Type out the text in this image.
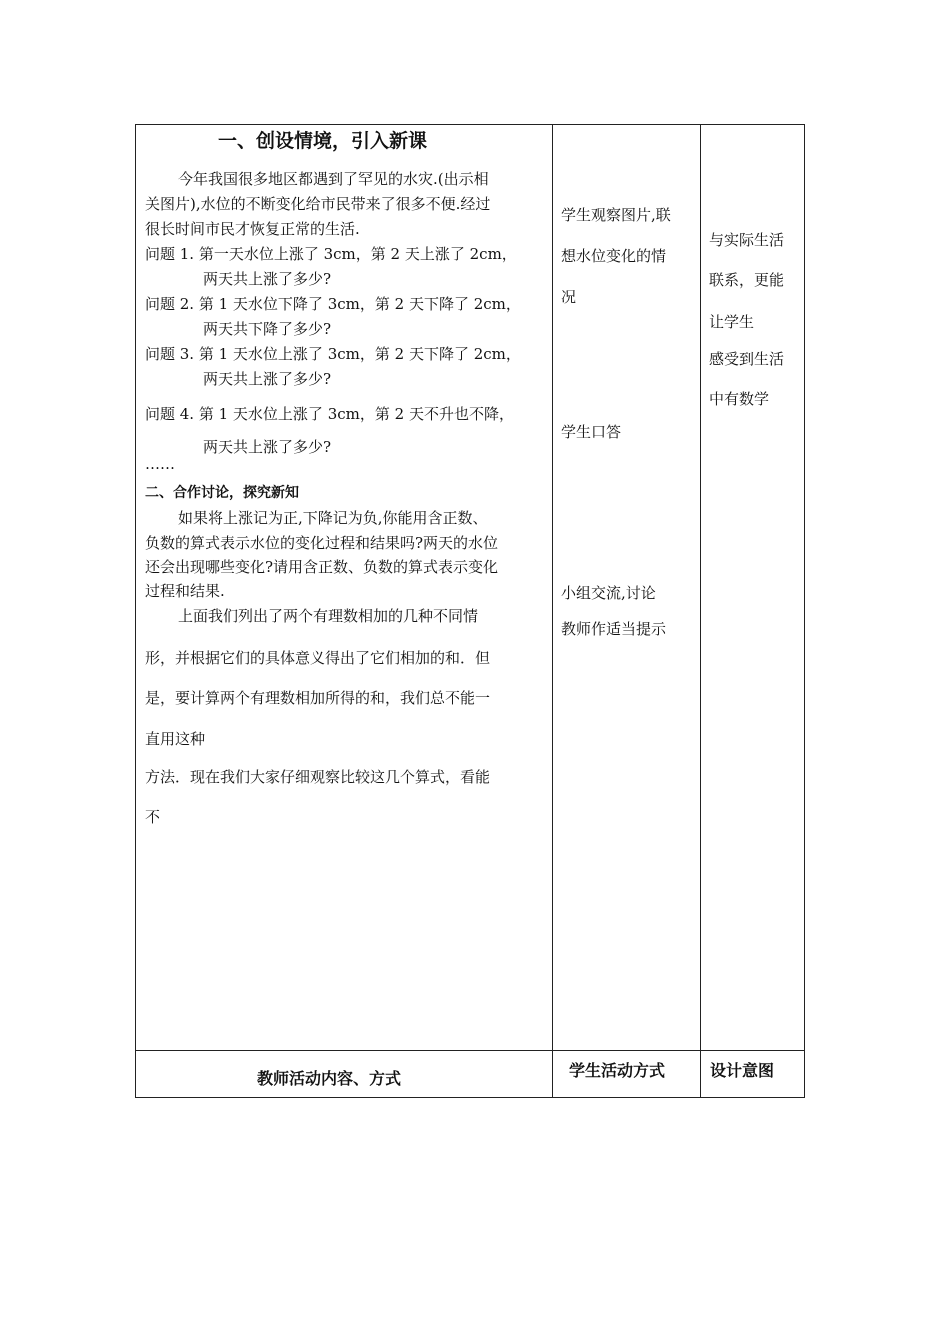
一、创设情境，引入新课
今年我国很多地区都遇到了罕见的水灾.(出示相
关图片),水位的不断变化给市民带来了很多不便.经过
很长时间市民才恢复正常的生活.
问题 1. 第一天水位上涨了 3cm，第 2 天上涨了 2cm，
两天共上涨了多少?
问题 2. 第 1 天水位下降了 3cm，第 2 天下降了 2cm，
两天共下降了多少?
问题 3. 第 1 天水位上涨了 3cm，第 2 天下降了 2cm，
两天共上涨了多少?
问题 4. 第 1 天水位上涨了 3cm，第 2 天不升也不降，
两天共上涨了多少?
……
二、合作讨论，探究新知
如果将上涨记为正,下降记为负,你能用含正数、
负数的算式表示水位的变化过程和结果吗?两天的水位
还会出现哪些变化?请用含正数、负数的算式表示变化
过程和结果.
上面我们列出了两个有理数相加的几种不同情
形，并根据它们的具体意义得出了它们相加的和．但
是，要计算两个有理数相加所得的和，我们总不能一
直用这种
方法．现在我们大家仔细观察比较这几个算式，看能
不
学生观察图片,联
想水位变化的情
况
学生口答
小组交流,讨论
教师作适当提示
与实际生活
联系，更能
让学生
感受到生活
中有数学
教师活动内容、方式	学生活动方式	设计意图
